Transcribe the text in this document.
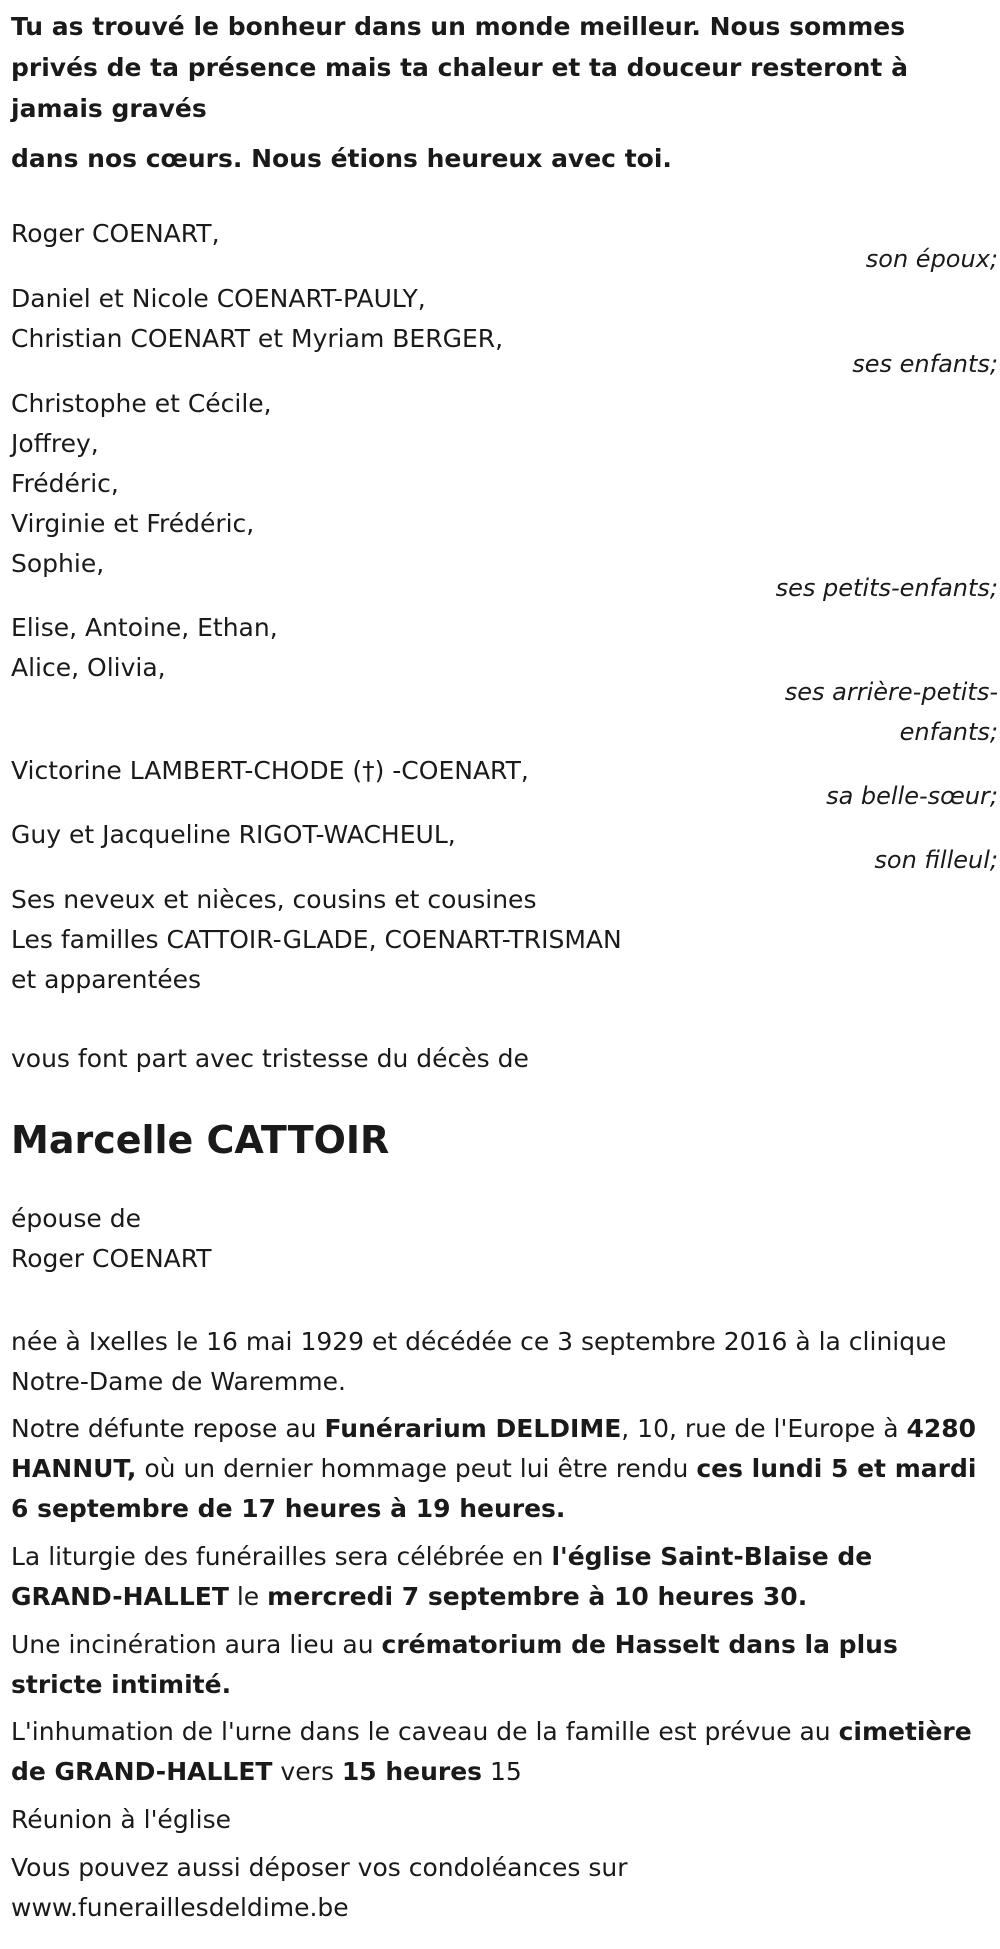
Tu as trouvé le bonheur dans un monde meilleur. Nous sommes privés de ta présence mais ta chaleur et ta douceur resteront à jamais gravés

dans nos cœurs. Nous étions heureux avec toi.

Roger COENART,
son époux;
Daniel et Nicole COENART-PAULY,
Christian COENART et Myriam BERGER,
ses enfants;
Christophe et Cécile,
Joffrey,
Frédéric,
Virginie et Frédéric,
Sophie,
ses petits-enfants;
Elise, Antoine, Ethan,
Alice, Olivia,
ses arrière-petits-
enfants;
Victorine LAMBERT-CHODE (†) -COENART,
sa belle-sœur;
Guy et Jacqueline RIGOT-WACHEUL,
son filleul;
Ses neveux et nièces, cousins et cousines
Les familles CATTOIR-GLADE, COENART-TRISMAN
et apparentées
vous font part avec tristesse du décès de
Marcelle CATTOIR
épouse de
Roger COENART
née à Ixelles le 16 mai 1929 et décédée ce 3 septembre 2016 à la clinique Notre-Dame de Waremme.
Notre défunte repose au Funérarium DELDIME, 10, rue de l'Europe à 4280 HANNUT, où un dernier hommage peut lui être rendu ces lundi 5 et mardi 6 septembre de 17 heures à 19 heures.
La liturgie des funérailles sera célébrée en l'église Saint-Blaise de GRAND-HALLET le mercredi 7 septembre à 10 heures 30.
Une incinération aura lieu au crématorium de Hasselt dans la plus stricte intimité.
L'inhumation de l'urne dans le caveau de la famille est prévue au cimetière de GRAND-HALLET vers 15 heures 15
Réunion à l'église
Vous pouvez aussi déposer vos condoléances sur
www.funeraillesdeldime.be
